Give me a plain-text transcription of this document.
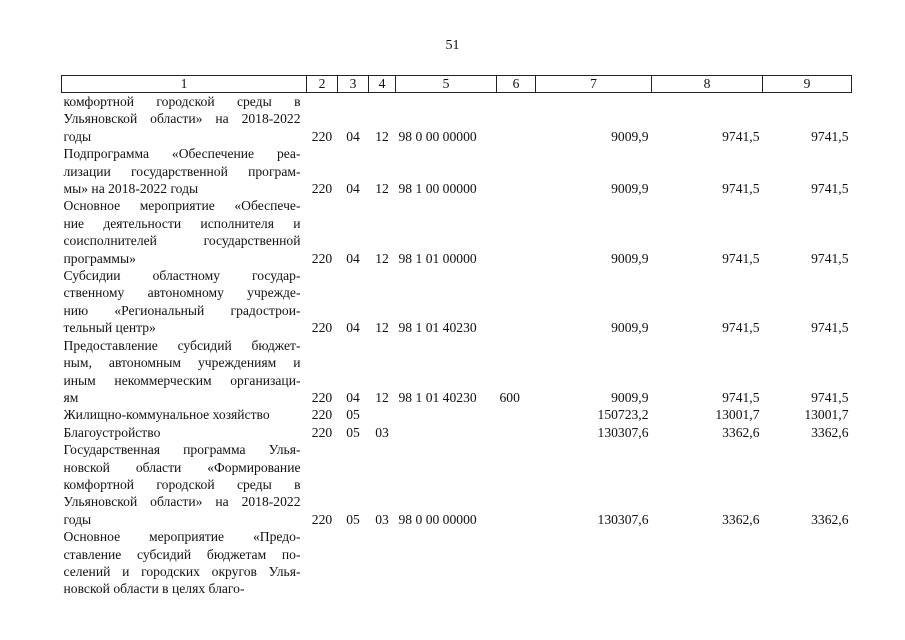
51
1	2	3	4	5	6	7	8	9

комфортной городской среды в
Ульяновской области» на 2018-2022
годы	220	04	12	98 0 00 00000		9009,9	9741,5	9741,5

Подпрограмма «Обеспечение реа-
лизации государственной програм-
мы» на 2018-2022 годы	220	04	12	98 1 00 00000		9009,9	9741,5	9741,5

Основное мероприятие «Обеспече-
ние деятельности исполнителя и
соисполнителей государственной
программы»	220	04	12	98 1 01 00000		9009,9	9741,5	9741,5

Субсидии областному государ-
ственному автономному учрежде-
нию «Региональный градострои-
тельный центр»	220	04	12	98 1 01 40230		9009,9	9741,5	9741,5

Предоставление субсидий бюджет-
ным, автономным учреждениям и
иным некоммерческим организаци-
ям	220	04	12	98 1 01 40230	600	9009,9	9741,5	9741,5

Жилищно-коммунальное хозяйство	220	05				150723,2	13001,7	13001,7

Благоустройство	220	05	03			130307,6	3362,6	3362,6

Государственная программа Улья-
новской области «Формирование
комфортной городской среды в
Ульяновской области» на 2018-2022
годы	220	05	03	98 0 00 00000		130307,6	3362,6	3362,6

Основное мероприятие «Предо-
ставление субсидий бюджетам по-
селений и городских округов Улья-
новской области в целях благо-								
